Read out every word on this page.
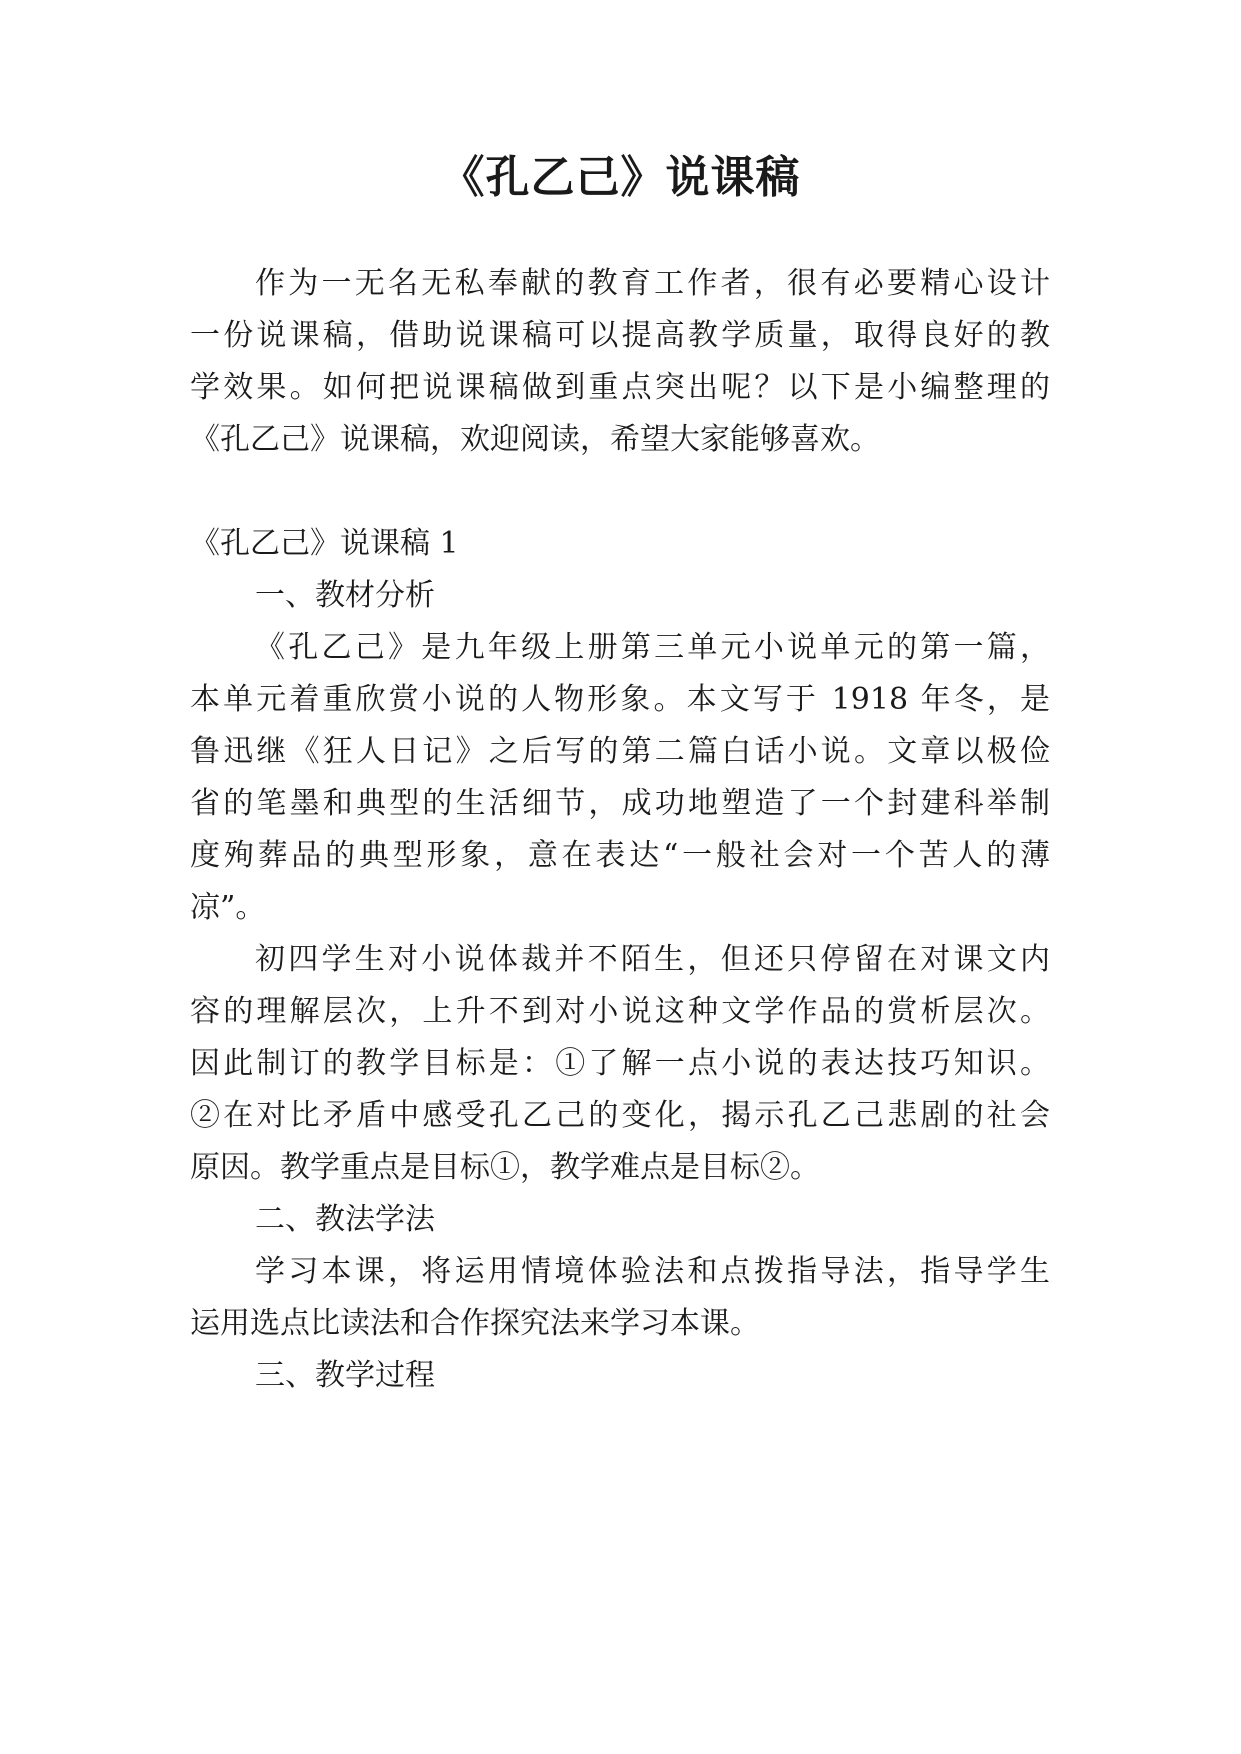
《孔乙己》说课稿

作为一无名无私奉献的教育工作者，很有必要精心设计

一份说课稿，借助说课稿可以提高教学质量，取得良好的教

学效果。如何把说课稿做到重点突出呢？以下是小编整理的

《孔乙己》说课稿，欢迎阅读，希望大家能够喜欢。

《孔乙己》说课稿 1

一、教材分析

《孔乙己》是九年级上册第三单元小说单元的第一篇，

本单元着重欣赏小说的人物形象。本文写于 1918 年冬，是

鲁迅继《狂人日记》之后写的第二篇白话小说。文章以极俭

省的笔墨和典型的生活细节，成功地塑造了一个封建科举制

度殉葬品的典型形象，意在表达“一般社会对一个苦人的薄

凉”。

初四学生对小说体裁并不陌生，但还只停留在对课文内

容的理解层次，上升不到对小说这种文学作品的赏析层次。

因此制订的教学目标是：①了解一点小说的表达技巧知识。

②在对比矛盾中感受孔乙己的变化，揭示孔乙己悲剧的社会

原因。教学重点是目标①，教学难点是目标②。

二、教法学法

学习本课，将运用情境体验法和点拨指导法，指导学生

运用选点比读法和合作探究法来学习本课。

三、教学过程
